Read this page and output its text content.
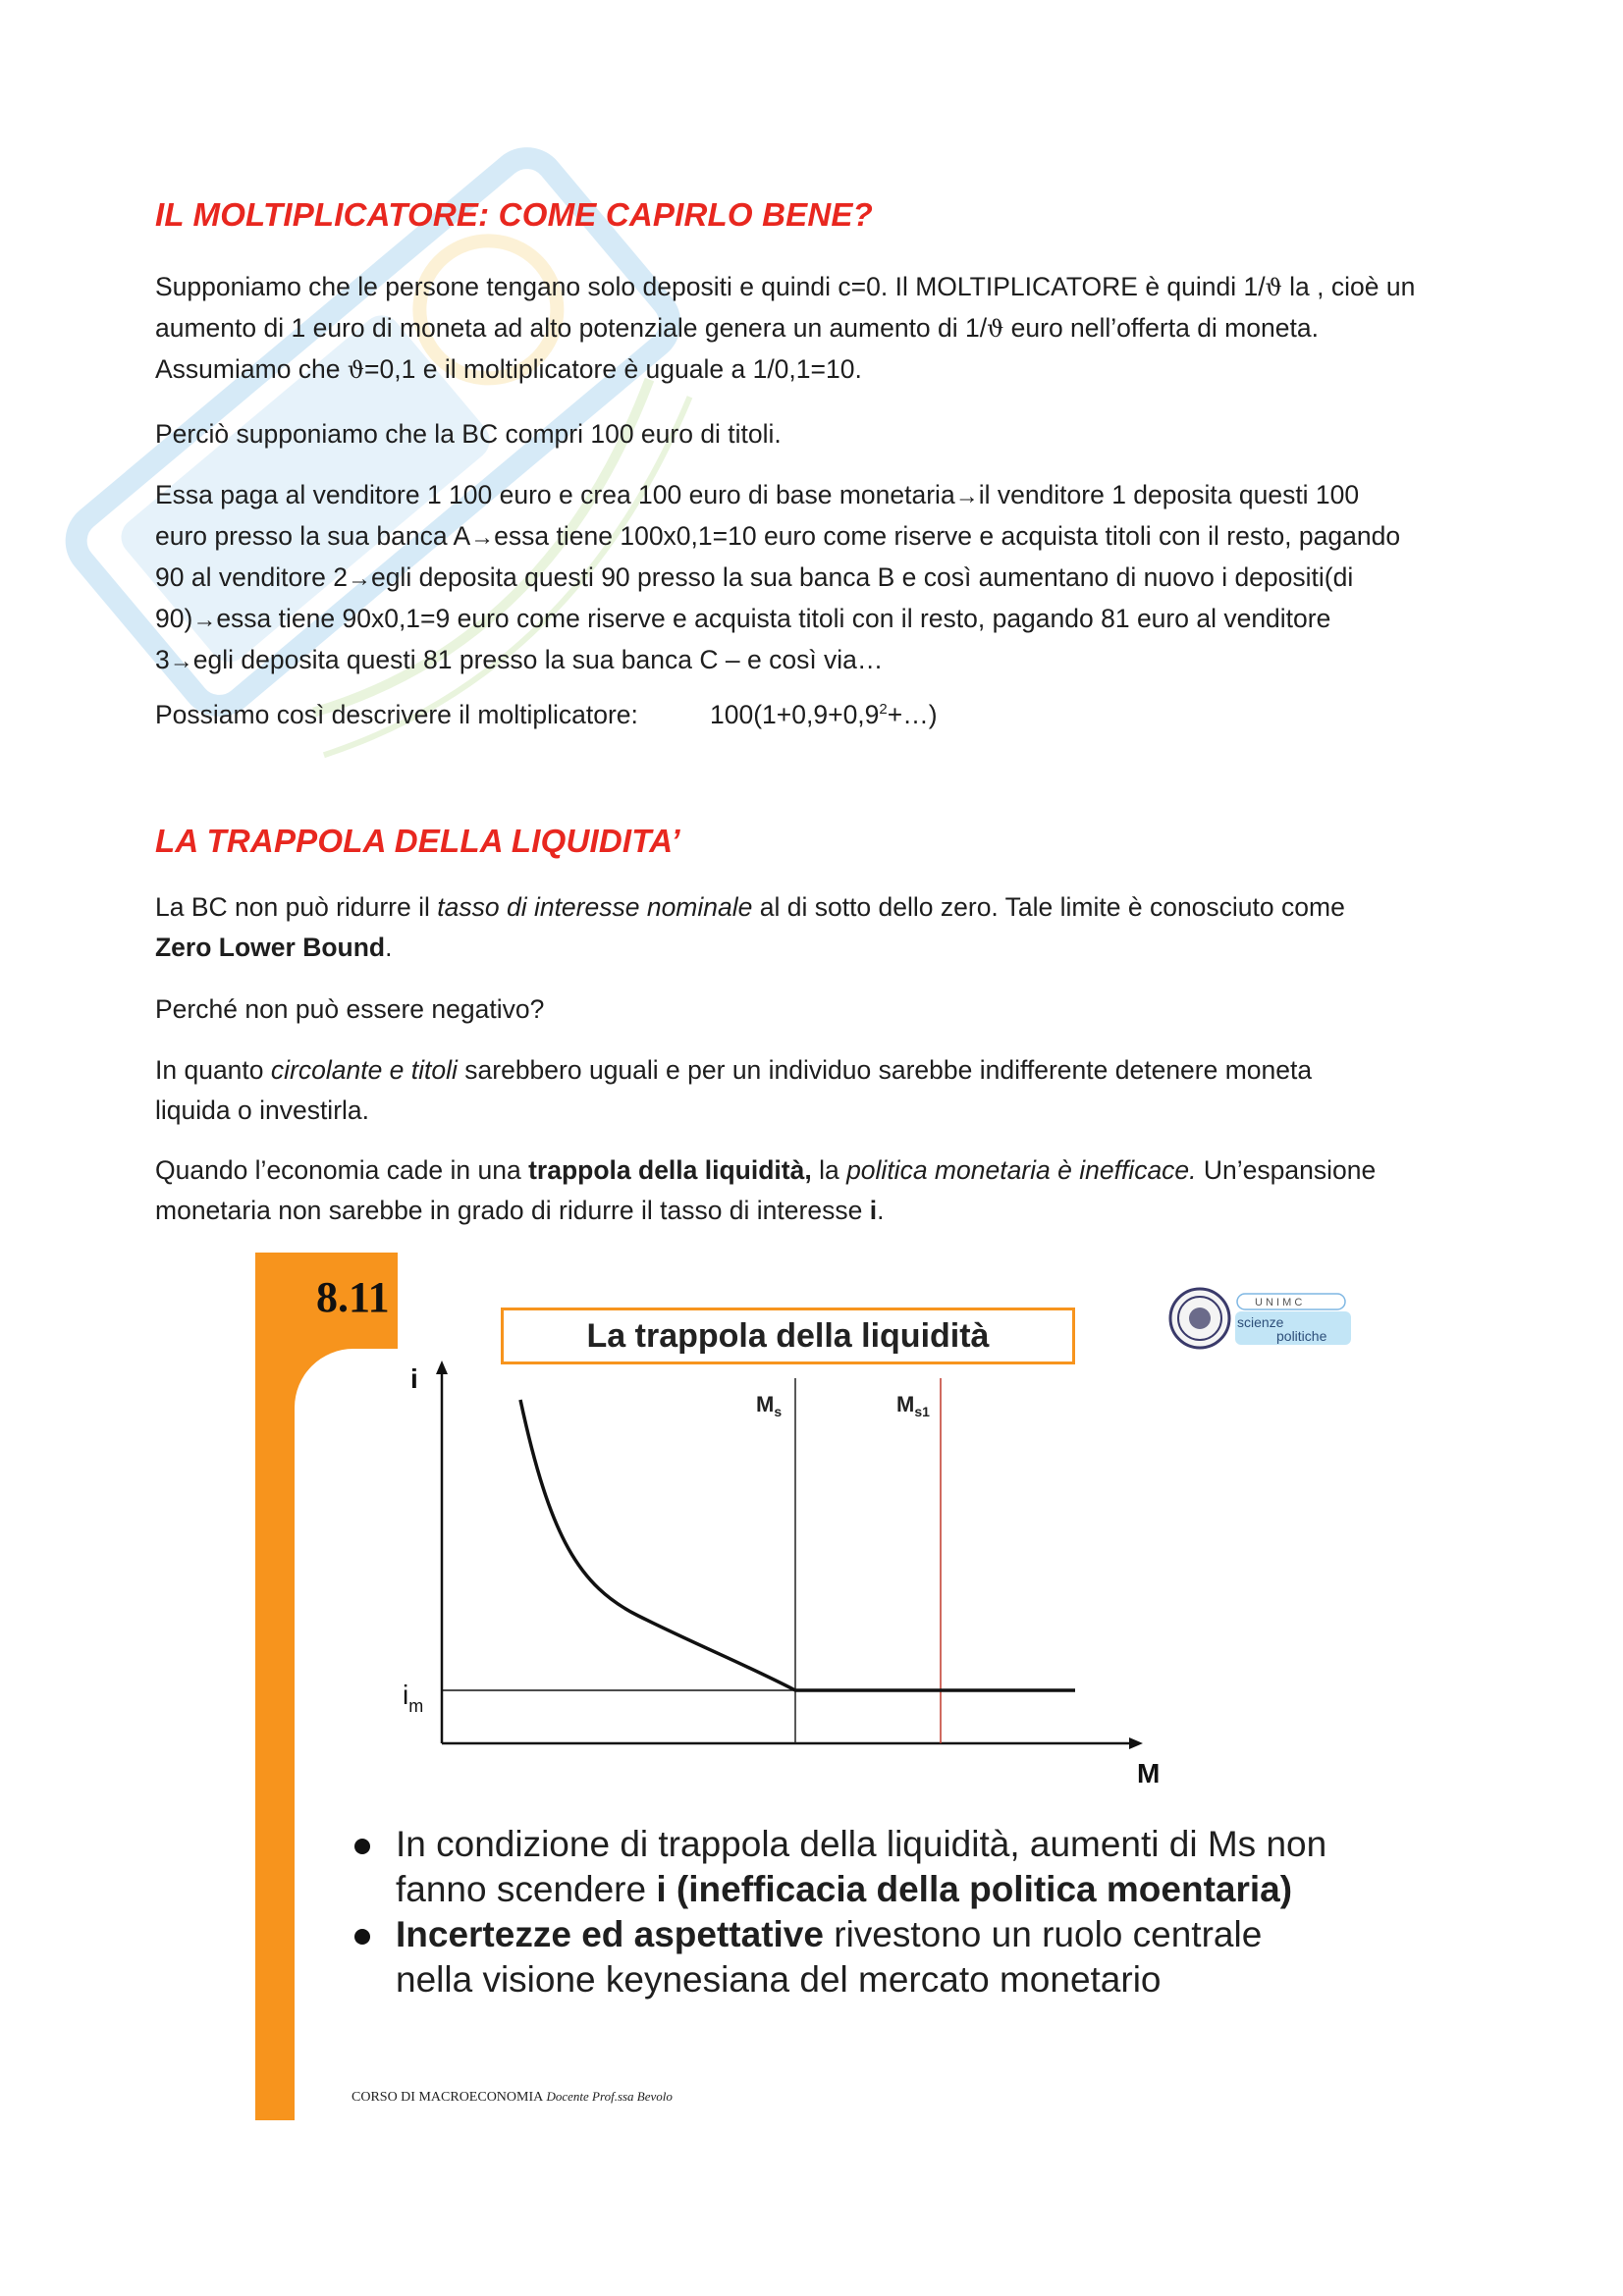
IL MOLTIPLICATORE: COME CAPIRLO BENE?

Supponiamo che le persone tengano solo depositi e quindi c=0. Il MOLTIPLICATORE è quindi 1/ϑ la , cioè un
aumento di 1 euro di moneta ad alto potenziale genera un aumento di 1/ϑ euro nell’offerta di moneta.
Assumiamo che ϑ=0,1 e il moltiplicatore è uguale a 1/0,1=10.

Perciò supponiamo che la BC compri 100 euro di titoli.

Essa paga al venditore 1 100 euro e crea 100 euro di base monetaria→il venditore 1 deposita questi 100
euro presso la sua banca A→essa tiene 100x0,1=10 euro come riserve e acquista titoli con il resto, pagando
90 al venditore 2→egli deposita questi 90 presso la sua banca B e così aumentano di nuovo i depositi(di
90)→essa tiene 90x0,1=9 euro come riserve e acquista titoli con il resto, pagando 81 euro al venditore
3→egli deposita questi 81 presso la sua banca C – e così via…

Possiamo così descrivere il moltiplicatore:	$100(1+0,9+0,9^2+\dots)$

LA TRAPPOLA DELLA LIQUIDITA’

La BC non può ridurre il tasso di interesse nominale al di sotto dello zero. Tale limite è conosciuto come
Zero Lower Bound.

Perché non può essere negativo?

In quanto circolante e titoli sarebbero uguali e per un individuo sarebbe indifferente detenere moneta
liquida o investirla.

Quando l’economia cade in una trappola della liquidità, la politica monetaria è inefficace. Un’espansione
monetaria non sarebbe in grado di ridurre il tasso di interesse i.

8.11
La trappola della liquidità
U N I M C
scienze
politiche
i
M
$i_m$
$M_s$	$M_{s1}$
In condizione di trappola della liquidità, aumenti di Ms non fanno scendere i (inefficacia della politica moentaria)
Incertezze ed aspettative rivestono un ruolo centrale nella visione keynesiana del mercato monetario
CORSO DI MACROECONOMIA Docente Prof.ssa Bevolo
